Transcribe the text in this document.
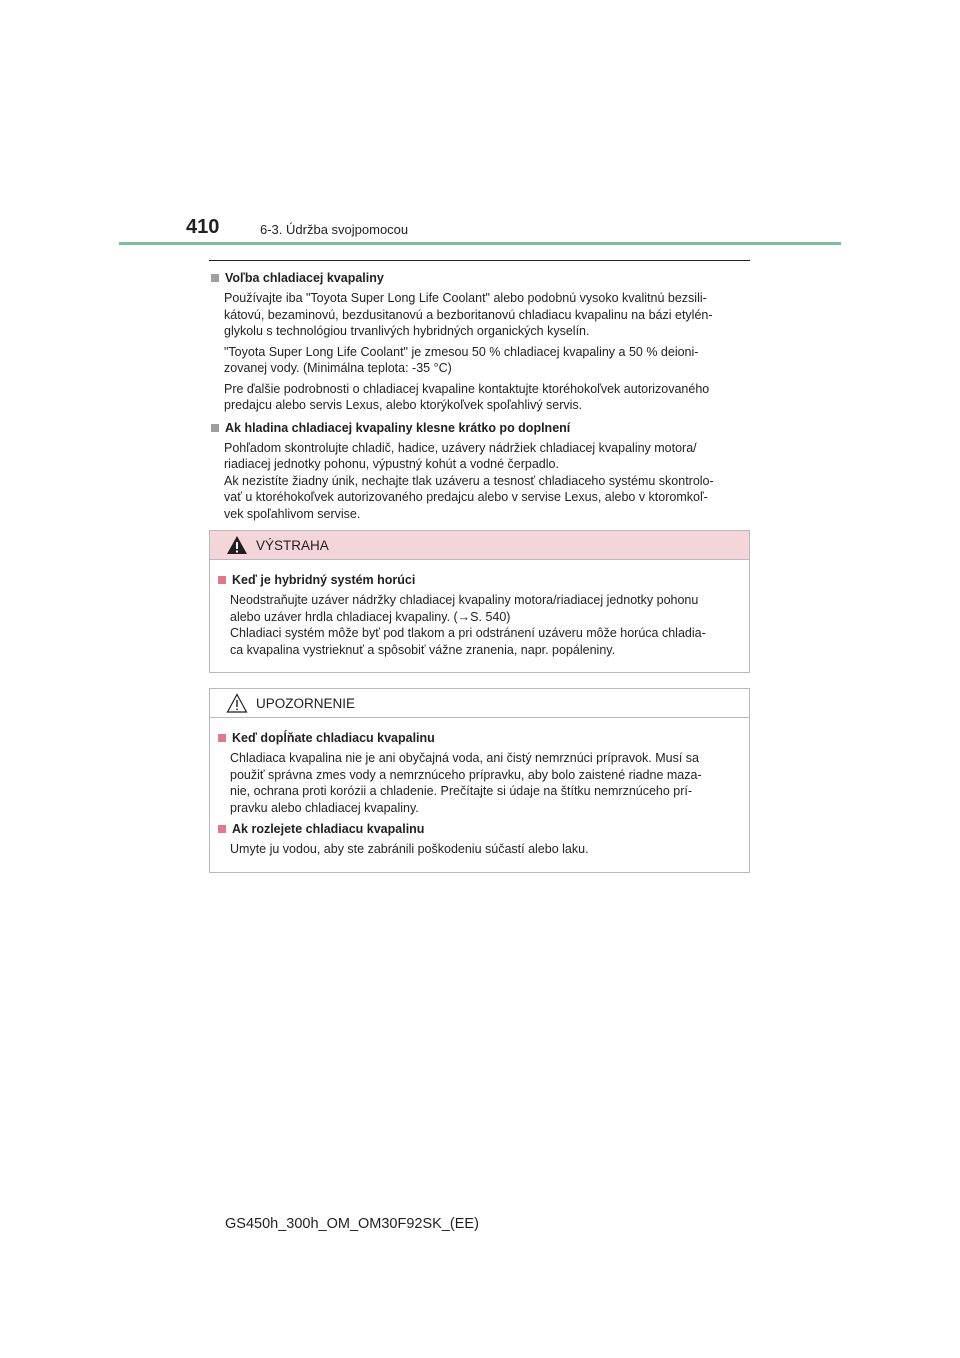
410	6-3. Údržba svojpomocou
Voľba chladiacej kvapaliny
Používajte iba "Toyota Super Long Life Coolant" alebo podobnú vysoko kvalitnú bezsili-
kátovú, bezaminovú, bezdusitanovú a bezboritanovú chladiacu kvapalinu na bázi etylén-
glykolu s technológiou trvanlivých hybridných organických kyselín.
"Toyota Super Long Life Coolant" je zmesou 50 % chladiacej kvapaliny a 50 % deioni-
zovanej vody. (Minimálna teplota: -35 °C)
Pre ďalšie podrobnosti o chladiacej kvapaline kontaktujte ktoréhokoľvek autorizovaného
predajcu alebo servis Lexus, alebo ktorýkoľvek spoľahlivý servis.
Ak hladina chladiacej kvapaliny klesne krátko po doplnení
Pohľadom skontrolujte chladič, hadice, uzávery nádržiek chladiacej kvapaliny motora/
riadiacej jednotky pohonu, výpustný kohút a vodné čerpadlo.
Ak nezistíte žiadny únik, nechajte tlak uzáveru a tesnosť chladiaceho systému skontrolo-
vať u ktoréhokoľvek autorizovaného predajcu alebo v servise Lexus, alebo v ktoromkoľ-
vek spoľahlivom servise.
VÝSTRAHA
Keď je hybridný systém horúci
Neodstraňujte uzáver nádržky chladiacej kvapaliny motora/riadiacej jednotky pohonu
alebo uzáver hrdla chladiacej kvapaliny. (→S. 540)
Chladiaci systém môže byť pod tlakom a pri odstránení uzáveru môže horúca chladia-
ca kvapalina vystrieknuť a spôsobiť vážne zranenia, napr. popáleniny.
UPOZORNENIE
Keď dopĺňate chladiacu kvapalinu
Chladiaca kvapalina nie je ani obyčajná voda, ani čistý nemrznúci prípravok. Musí sa
použiť správna zmes vody a nemrznúceho prípravku, aby bolo zaistené riadne maza-
nie, ochrana proti korózii a chladenie. Prečítajte si údaje na štítku nemrznúceho prí-
pravku alebo chladiacej kvapaliny.
Ak rozlejete chladiacu kvapalinu
Umyte ju vodou, aby ste zabránili poškodeniu súčastí alebo laku.
GS450h_300h_OM_OM30F92SK_(EE)
